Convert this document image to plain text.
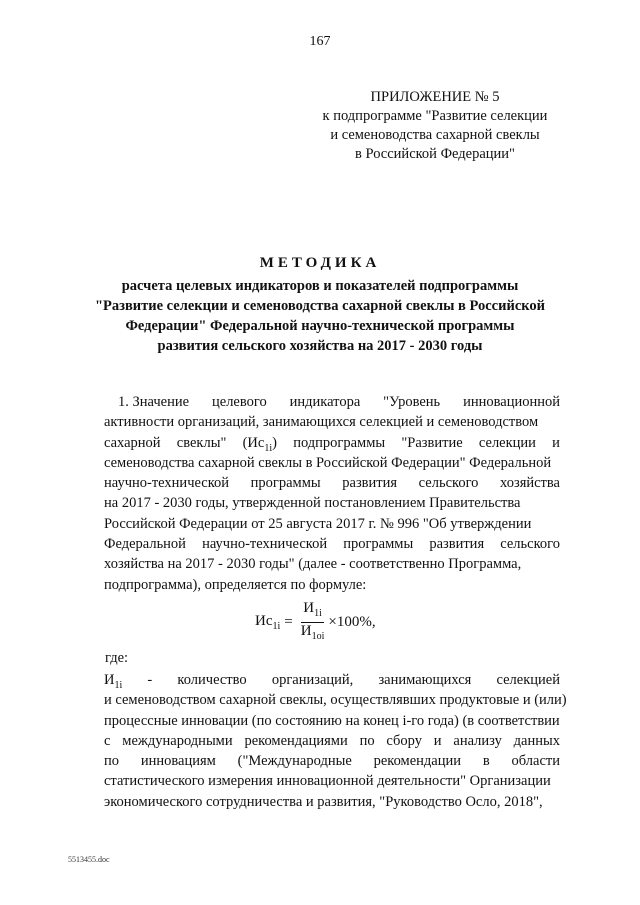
167
ПРИЛОЖЕНИЕ № 5
к подпрограмме "Развитие селекции
и семеноводства сахарной свеклы
в Российской Федерации"
МЕТОДИКА
расчета целевых индикаторов и показателей подпрограммы
"Развитие селекции и семеноводства сахарной свеклы в Российской
Федерации" Федеральной научно-технической программы
развития сельского хозяйства на 2017 - 2030 годы
1. Значение целевого индикатора "Уровень инновационной
активности организаций, занимающихся селекцией и семеноводством
сахарной свеклы" $(Ис_{1i})$ подпрограммы "Развитие селекции и
семеноводства сахарной свеклы в Российской Федерации" Федеральной
научно-технической программы развития сельского хозяйства
на 2017 - 2030 годы, утвержденной постановлением Правительства
Российской Федерации от 25 августа 2017 г. № 996 "Об утверждении
Федеральной научно-технической программы развития сельского
хозяйства на 2017 - 2030 годы" (далее - соответственно Программа,
подпрограмма), определяется по формуле:
$Ис_{1i} = \frac{И_{1i}}{И_{1oi}} \times 100\%$,
где:
$И_{1i}$ - количество организаций, занимающихся селекцией
и семеноводством сахарной свеклы, осуществлявших продуктовые и (или)
процессные инновации (по состоянию на конец i-го года) (в соответствии
с международными рекомендациями по сбору и анализу данных
по инновациям ("Международные рекомендации в области
статистического измерения инновационной деятельности" Организации
экономического сотрудничества и развития, "Руководство Осло, 2018",
5513455.doc
